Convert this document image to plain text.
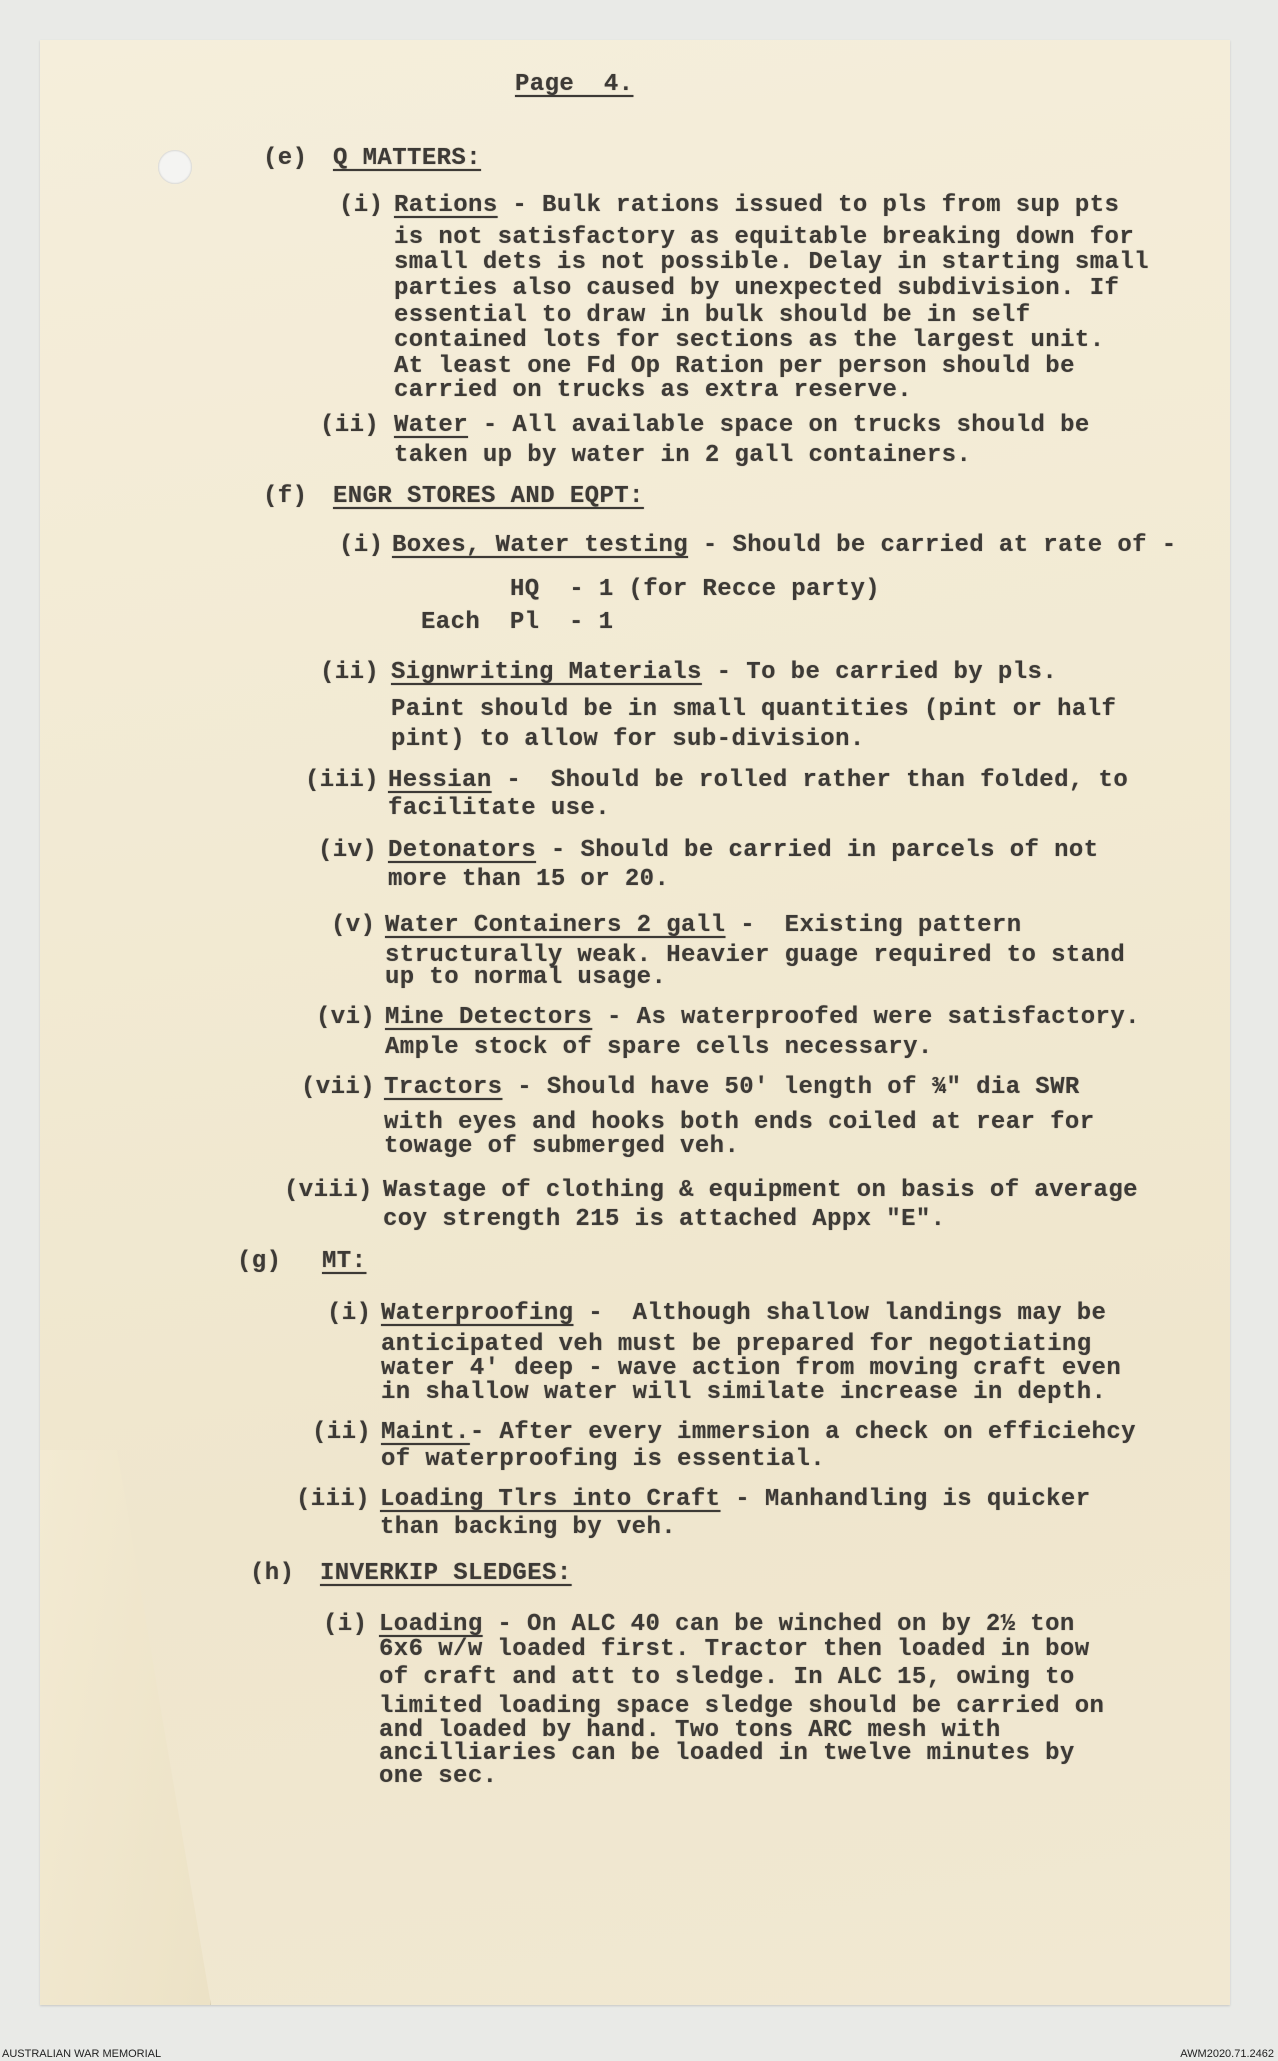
Page  4.
(e) Q MATTERS:
(i) Rations - Bulk rations issued to pls from sup pts
is not satisfactory as equitable breaking down for
small dets is not possible. Delay in starting small
parties also caused by unexpected subdivision. If
essential to draw in bulk should be in self
contained lots for sections as the largest unit.
At least one Fd Op Ration per person should be
carried on trucks as extra reserve.
(ii) Water - All available space on trucks should be
taken up by water in 2 gall containers.
(f) ENGR STORES AND EQPT:
(i) Boxes, Water testing - Should be carried at rate of -
HQ  - 1 (for Recce party)
Each  Pl  - 1
(ii) Signwriting Materials - To be carried by pls.
Paint should be in small quantities (pint or half
pint) to allow for sub-division.
(iii) Hessian -  Should be rolled rather than folded, to
facilitate use.
(iv) Detonators - Should be carried in parcels of not
more than 15 or 20.
(v) Water Containers 2 gall -  Existing pattern
structurally weak. Heavier guage required to stand
up to normal usage.
(vi) Mine Detectors - As waterproofed were satisfactory.
Ample stock of spare cells necessary.
(vii) Tractors - Should have 50' length of ¾" dia SWR
with eyes and hooks both ends coiled at rear for
towage of submerged veh.
(viii) Wastage of clothing & equipment on basis of average
coy strength 215 is attached Appx "E".
(g) MT:
(i) Waterproofing -  Although shallow landings may be
anticipated veh must be prepared for negotiating
water 4' deep - wave action from moving craft even
in shallow water will similate increase in depth.
(ii) Maint.- After every immersion a check on efficiehcy
of waterproofing is essential.
(iii) Loading Tlrs into Craft - Manhandling is quicker
than backing by veh.
(h) INVERKIP SLEDGES:
(i) Loading - On ALC 40 can be winched on by 2½ ton
6x6 w/w loaded first. Tractor then loaded in bow
of craft and att to sledge. In ALC 15, owing to
limited loading space sledge should be carried on
and loaded by hand. Two tons ARC mesh with
ancilliaries can be loaded in twelve minutes by
one sec.
AUSTRALIAN WAR MEMORIAL	AWM2020.71.2462
